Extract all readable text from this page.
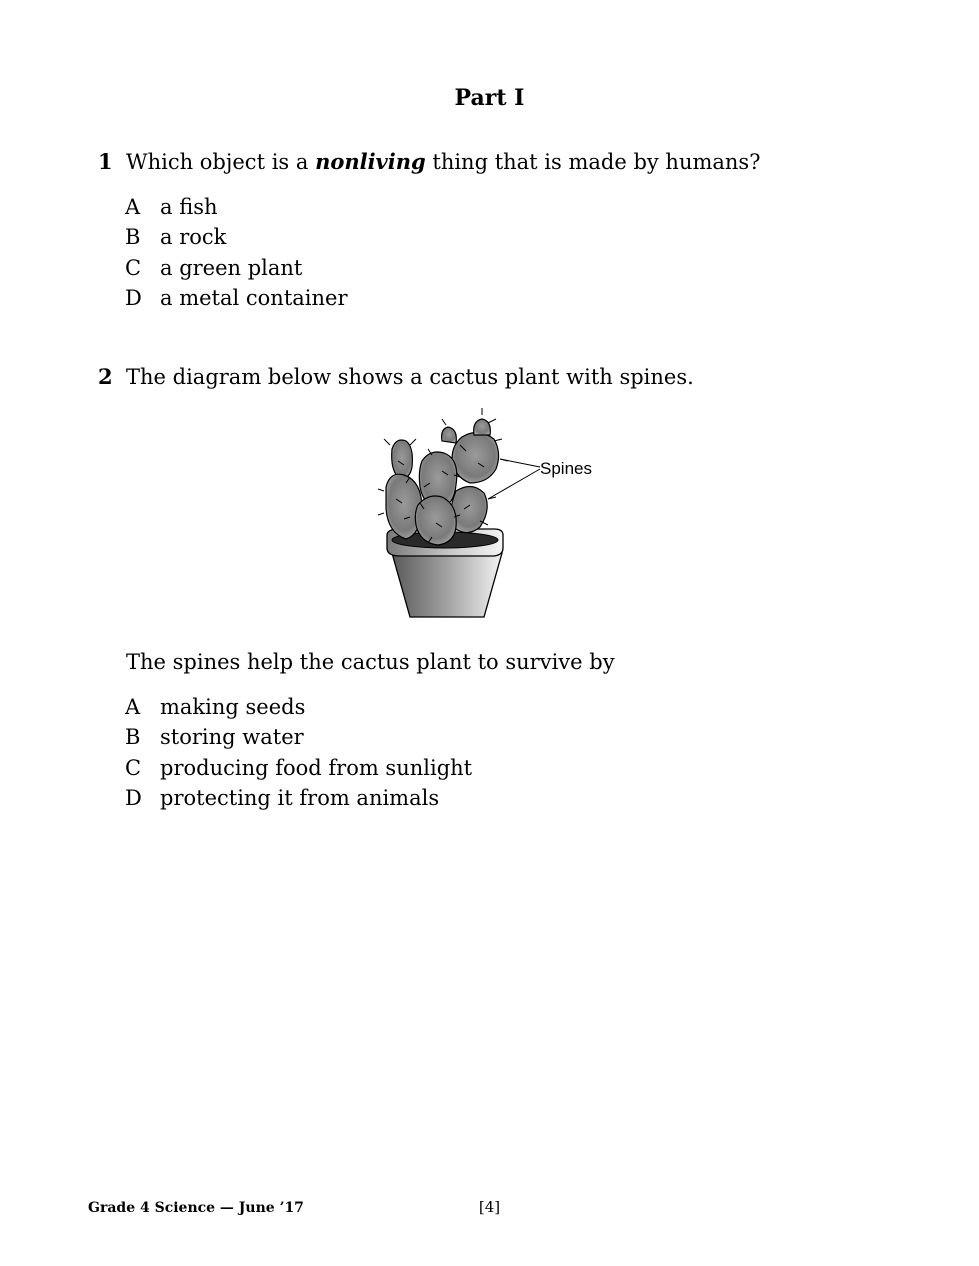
Part I
1 Which object is a nonliving thing that is made by humans?
A a fish
B a rock
C a green plant
D a metal container
2 The diagram below shows a cactus plant with spines.
Spines
The spines help the cactus plant to survive by
A making seeds
B storing water
C producing food from sunlight
D protecting it from animals
Grade 4 Science — June ’17	[4]
